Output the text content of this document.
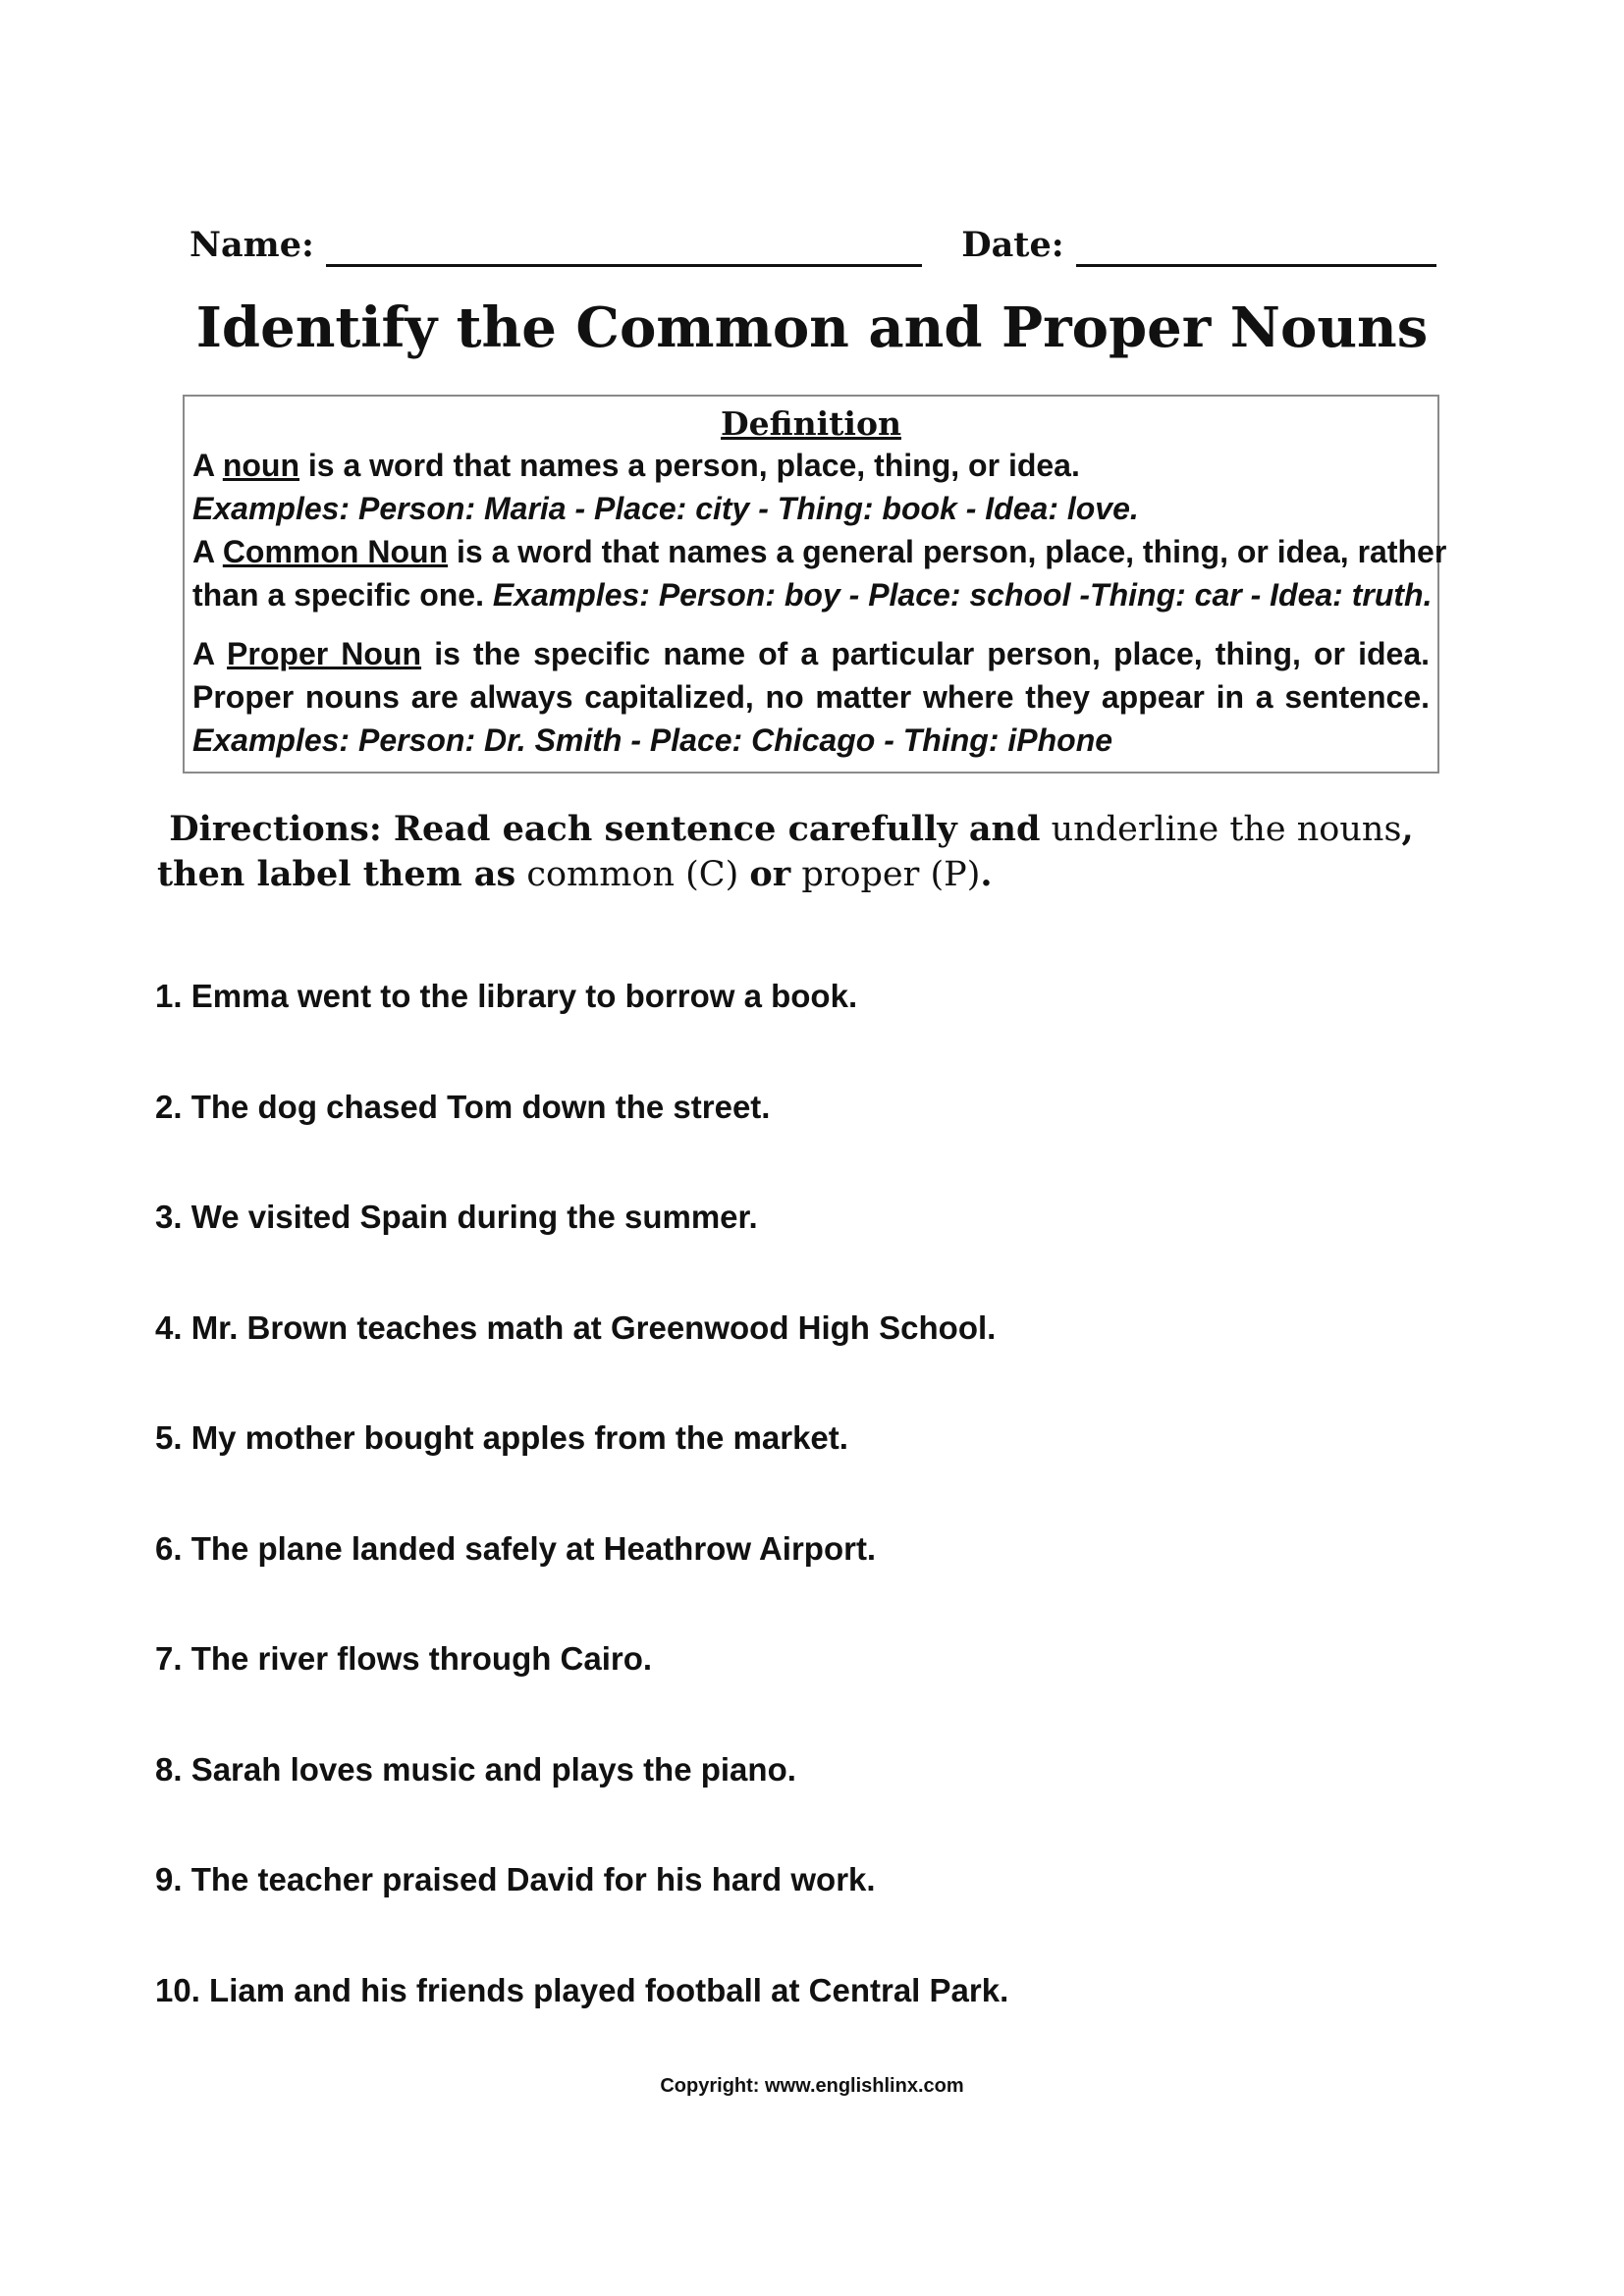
Name:	Date:
Identify the Common and Proper Nouns

Definition

A noun is a word that names a person, place, thing, or idea.

Examples: Person: Maria - Place: city - Thing: book - Idea: love.

A Common Noun is a word that names a general person, place, thing, or idea, rather

than a specific one. Examples: Person: boy - Place: school -Thing: car - Idea: truth.

A Proper Noun is the specific name of a particular person, place, thing, or idea.

Proper nouns are always capitalized, no matter where they appear in a sentence.

Examples: Person: Dr. Smith - Place: Chicago - Thing: iPhone

Directions: Read each sentence carefully and underline the nouns, then label them as common (C) or proper (P).
1. Emma went to the library to borrow a book.
2. The dog chased Tom down the street.
3. We visited Spain during the summer.
4. Mr. Brown teaches math at Greenwood High School.
5. My mother bought apples from the market.
6. The plane landed safely at Heathrow Airport.
7. The river flows through Cairo.
8. Sarah loves music and plays the piano.
9. The teacher praised David for his hard work.
10. Liam and his friends played football at Central Park.
Copyright: www.englishlinx.com
